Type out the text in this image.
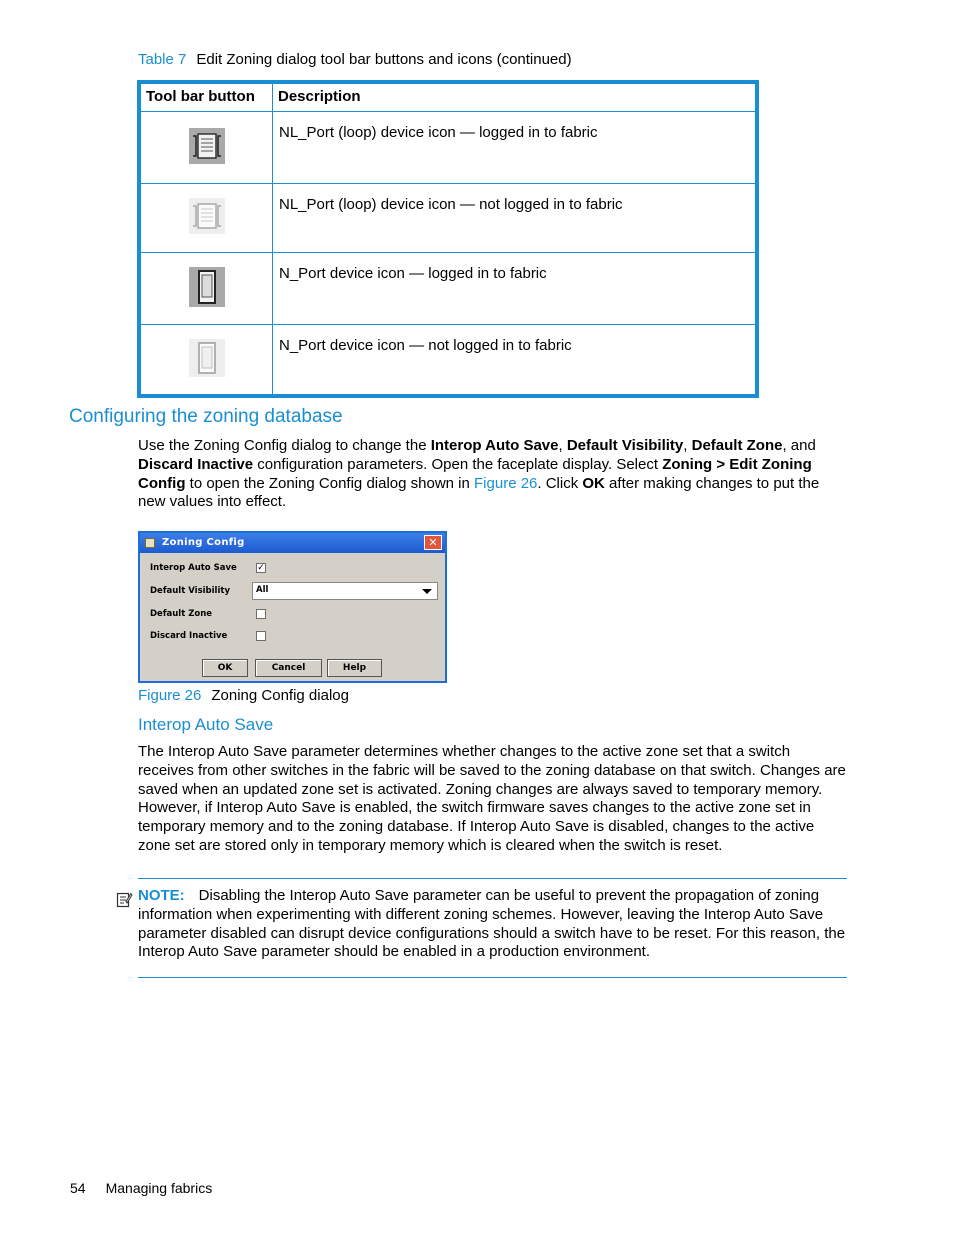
Table 7 Edit Zoning dialog tool bar buttons and icons (continued)
Tool bar button	Description
	NL_Port (loop) device icon — logged in to fabric
	NL_Port (loop) device icon — not logged in to fabric
	N_Port device icon — logged in to fabric
	N_Port device icon — not logged in to fabric
Configuring the zoning database

Use the Zoning Config dialog to change the Interop Auto Save, Default Visibility, Default Zone, and Discard Inactive configuration parameters. Open the faceplate display. Select Zoning > Edit Zoning Config to open the Zoning Config dialog shown in Figure 26. Click OK after making changes to put the new values into effect.

Zoning Config	✕
Interop Auto Save ✓
Default Visibility	All
Default Zone
Discard Inactive
OK	Cancel	Help
Figure 26 Zoning Config dialog
Interop Auto Save

The Interop Auto Save parameter determines whether changes to the active zone set that a switch receives from other switches in the fabric will be saved to the zoning database on that switch. Changes are saved when an updated zone set is activated. Zoning changes are always saved to temporary memory. However, if Interop Auto Save is enabled, the switch firmware saves changes to the active zone set in temporary memory and to the zoning database. If Interop Auto Save is disabled, changes to the active zone set are stored only in temporary memory which is cleared when the switch is reset.

NOTE: Disabling the Interop Auto Save parameter can be useful to prevent the propagation of zoning information when experimenting with different zoning schemes. However, leaving the Interop Auto Save parameter disabled can disrupt device configurations should a switch have to be reset. For this reason, the Interop Auto Save parameter should be enabled in a production environment.

54 Managing fabrics
